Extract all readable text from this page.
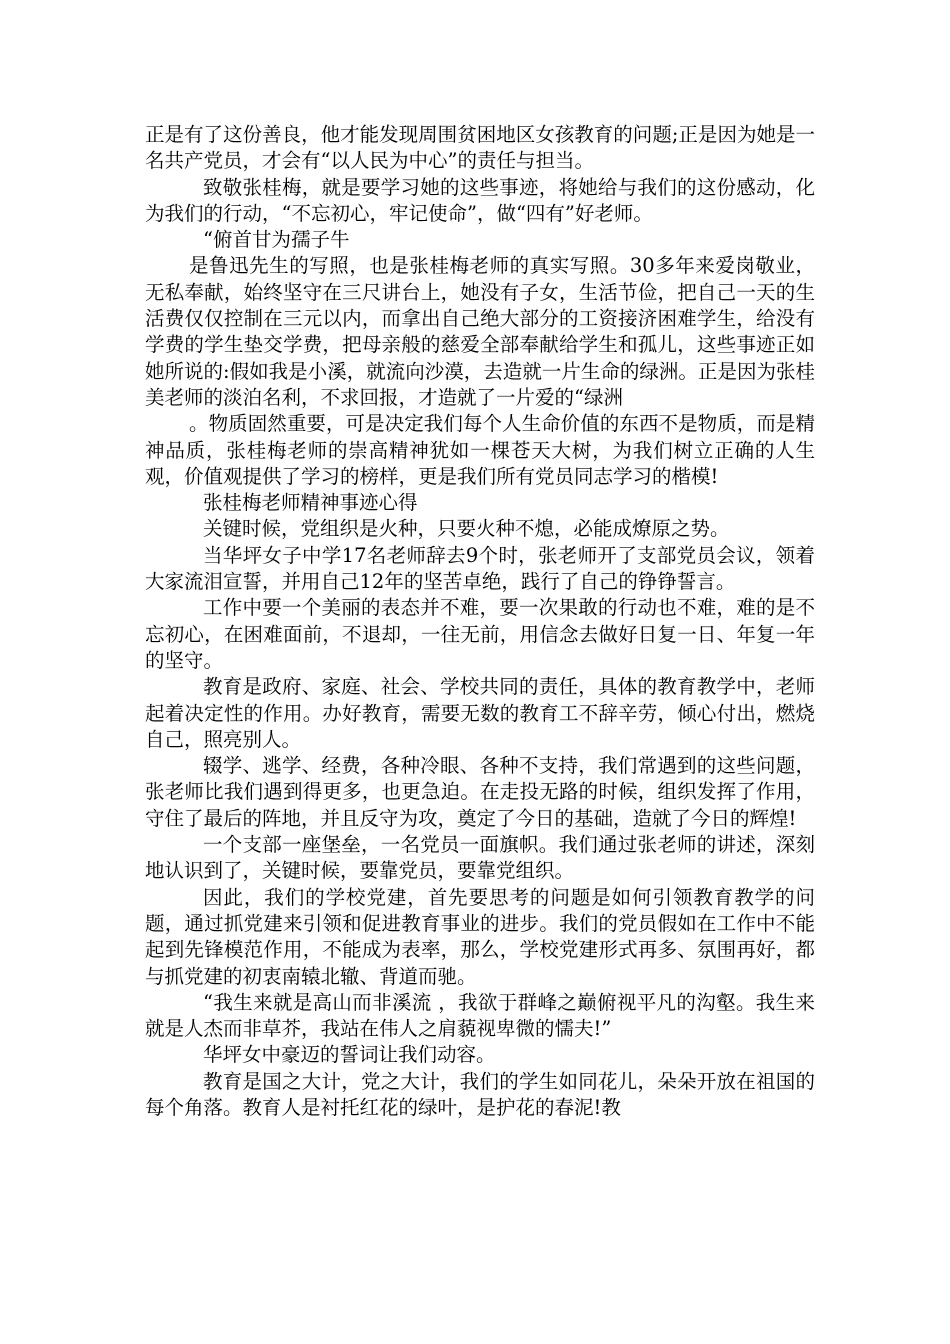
正是有了这份善良，他才能发现周围贫困地区女孩教育的问题;正是因为她是一名共产党员，才会有“以人民为中心”的责任与担当。

致敬张桂梅，就是要学习她的这些事迹，将她给与我们的这份感动，化为我们的行动，“不忘初心，牢记使命”，做“四有”好老师。

“俯首甘为孺子牛

是鲁迅先生的写照，也是张桂梅老师的真实写照。30多年来爱岗敬业，无私奉献，始终坚守在三尺讲台上，她没有子女，生活节俭，把自己一天的生活费仅仅控制在三元以内，而拿出自己绝大部分的工资接济困难学生，给没有学费的学生垫交学费，把母亲般的慈爱全部奉献给学生和孤儿，这些事迹正如她所说的:假如我是小溪，就流向沙漠，去造就一片生命的绿洲。正是因为张桂美老师的淡泊名利，不求回报，才造就了一片爱的“绿洲

。物质固然重要，可是决定我们每个人生命价值的东西不是物质，而是精神品质，张桂梅老师的崇高精神犹如一棵苍天大树，为我们树立正确的人生观，价值观提供了学习的榜样，更是我们所有党员同志学习的楷模!

张桂梅老师精神事迹心得

关键时候，党组织是火种，只要火种不熄，必能成燎原之势。

当华坪女子中学17名老师辞去9个时，张老师开了支部党员会议，领着大家流泪宣誓，并用自己12年的坚苦卓绝，践行了自己的铮铮誓言。

工作中要一个美丽的表态并不难，要一次果敢的行动也不难，难的是不忘初心，在困难面前，不退却，一往无前，用信念去做好日复一日、年复一年的坚守。

教育是政府、家庭、社会、学校共同的责任，具体的教育教学中，老师起着决定性的作用。办好教育，需要无数的教育工不辞辛劳，倾心付出，燃烧自己，照亮别人。

辍学、逃学、经费，各种冷眼、各种不支持，我们常遇到的这些问题，张老师比我们遇到得更多，也更急迫。在走投无路的时候，组织发挥了作用，守住了最后的阵地，并且反守为攻，奠定了今日的基础，造就了今日的辉煌!

一个支部一座堡垒，一名党员一面旗帜。我们通过张老师的讲述，深刻地认识到了，关键时候，要靠党员，要靠党组织。

因此，我们的学校党建，首先要思考的问题是如何引领教育教学的问题，通过抓党建来引领和促进教育事业的进步。我们的党员假如在工作中不能起到先锋模范作用，不能成为表率，那么，学校党建形式再多、氛围再好，都与抓党建的初衷南辕北辙、背道而驰。

“我生来就是高山而非溪流 ，我欲于群峰之巅俯视平凡的沟壑。我生来就是人杰而非草芥，我站在伟人之肩藐视卑微的懦夫!”

华坪女中豪迈的誓词让我们动容。

教育是国之大计，党之大计，我们的学生如同花儿，朵朵开放在祖国的每个角落。教育人是衬托红花的绿叶，是护花的春泥!教
